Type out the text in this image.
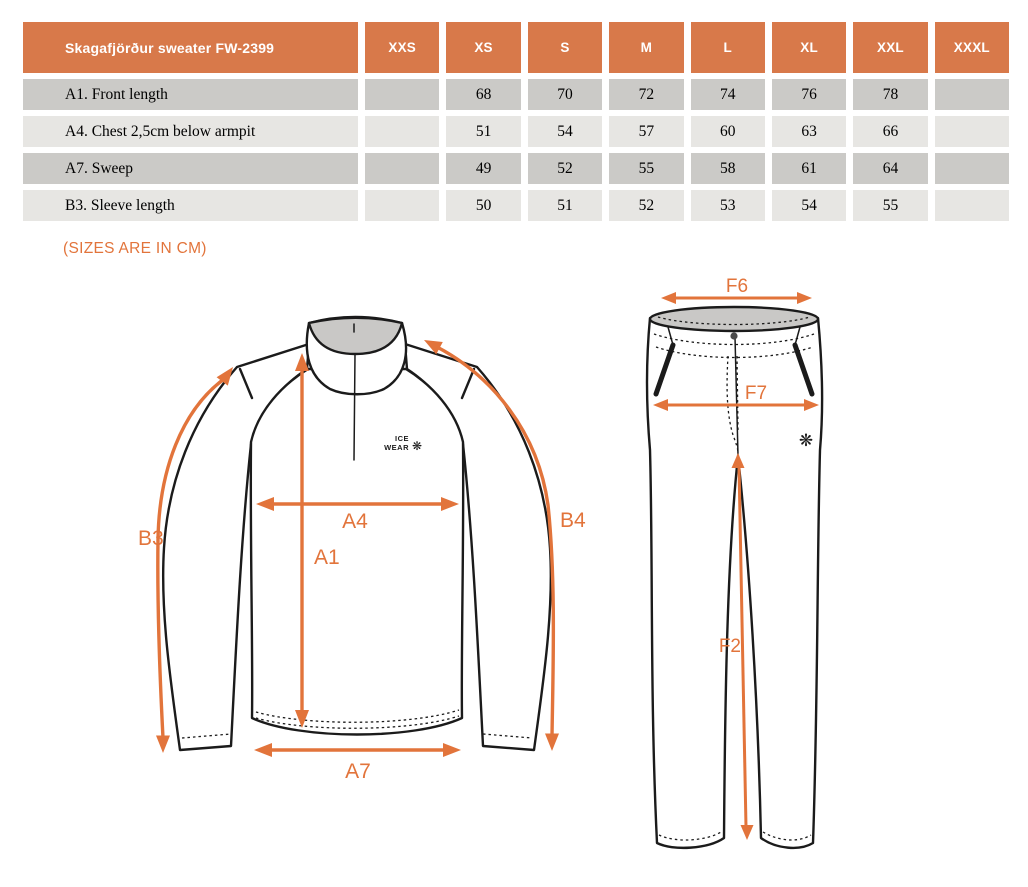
Skagafjörður sweater FW-2399	XXS	XS	S	M	L	XL	XXL	XXXL
A1. Front length		68	70	72	74	76	78	
A4. Chest 2,5cm below armpit		51	54	57	60	63	66	
A7. Sweep		49	52	55	58	61	64	
B3. Sleeve length		50	51	52	53	54	55	
(SIZES ARE IN CM)
ICE
WEAR ❋
B3
A4
A1
A7
B4
❋
F6
F7
F2
